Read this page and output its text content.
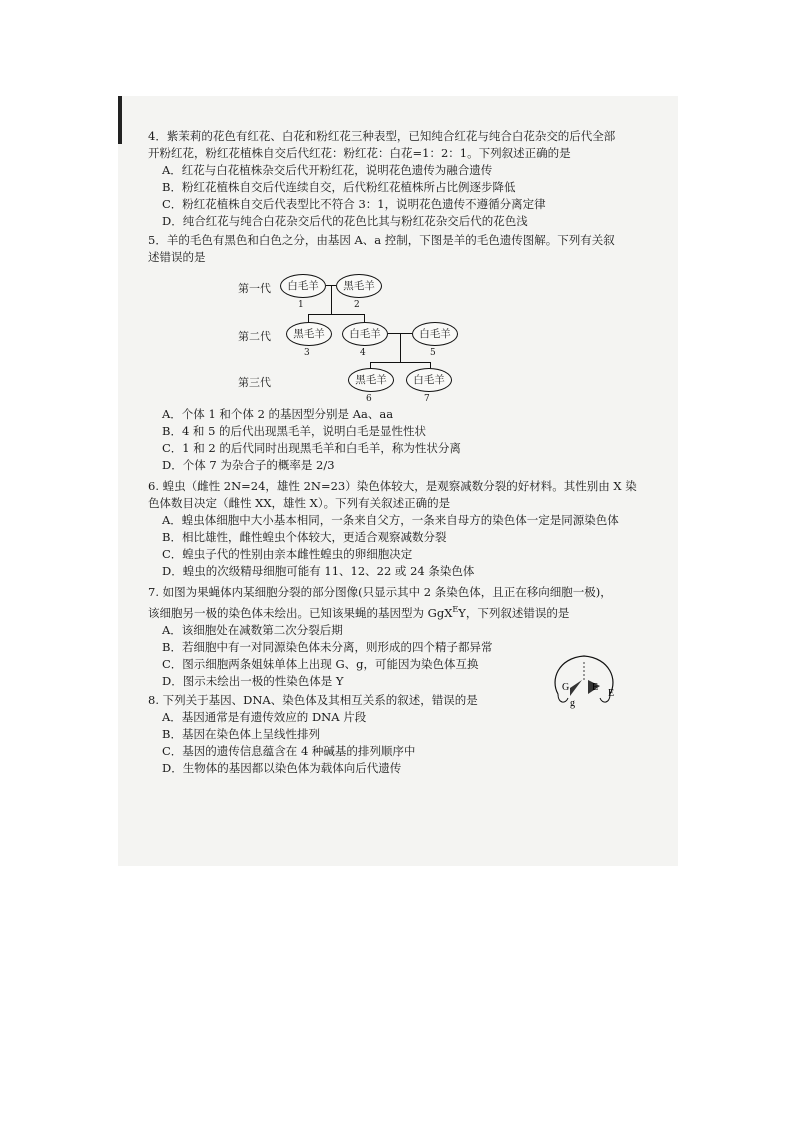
4．紫茉莉的花色有红花、白花和粉红花三种表型，已知纯合红花与纯合白花杂交的后代全部
开粉红花，粉红花植株自交后代红花：粉红花：白花=1：2：1。下列叙述正确的是
A．红花与白花植株杂交后代开粉红花，说明花色遗传为融合遗传
B．粉红花植株自交后代连续自交，后代粉红花植株所占比例逐步降低
C．粉红花植株自交后代表型比不符合 3：1，说明花色遗传不遵循分离定律
D．纯合红花与纯合白花杂交后代的花色比其与粉红花杂交后代的花色浅
5．羊的毛色有黑色和白色之分，由基因 A、a 控制，下图是羊的毛色遗传图解。下列有关叙
述错误的是
第一代
第二代
第三代
白毛羊 黑毛羊
1	2
黑毛羊 白毛羊	白毛羊
3	4	5
黑毛羊	白毛羊
6	7
A．个体 1 和个体 2 的基因型分别是 Aa、aa
B．4 和 5 的后代出现黑毛羊，说明白毛是显性性状
C．1 和 2 的后代同时出现黑毛羊和白毛羊，称为性状分离
D．个体 7 为杂合子的概率是 2/3
6. 蝗虫（雌性 2N=24，雄性 2N=23）染色体较大，是观察减数分裂的好材料。其性别由 X 染
色体数目决定（雌性 XX，雄性 X）。下列有关叙述正确的是
A．蝗虫体细胞中大小基本相同，一条来自父方，一条来自母方的染色体一定是同源染色体
B．相比雄性，雌性蝗虫个体较大，更适合观察减数分裂
C．蝗虫子代的性别由亲本雌性蝗虫的卵细胞决定
D．蝗虫的次级精母细胞可能有 11、12、22 或 24 条染色体
7. 如图为果蝇体内某细胞分裂的部分图像(只显示其中 2 条染色体，且正在移向细胞一极)，
该细胞另一极的染色体未绘出。已知该果蝇的基因型为 GgX$^E$Y，下列叙述错误的是
A．该细胞处在减数第二次分裂后期
B．若细胞中有一对同源染色体未分离，则形成的四个精子都异常
C．图示细胞两条姐妹单体上出现 G、g，可能因为染色体互换
D．图示未绘出一极的性染色体是 Y
8. 下列关于基因、DNA、染色体及其相互关系的叙述，错误的是
A．基因通常是有遗传效应的 DNA 片段
B．基因在染色体上呈线性排列
C．基因的遗传信息蕴含在 4 种碱基的排列顺序中
D．生物体的基因都以染色体为载体向后代遗传
G
g
E
E
